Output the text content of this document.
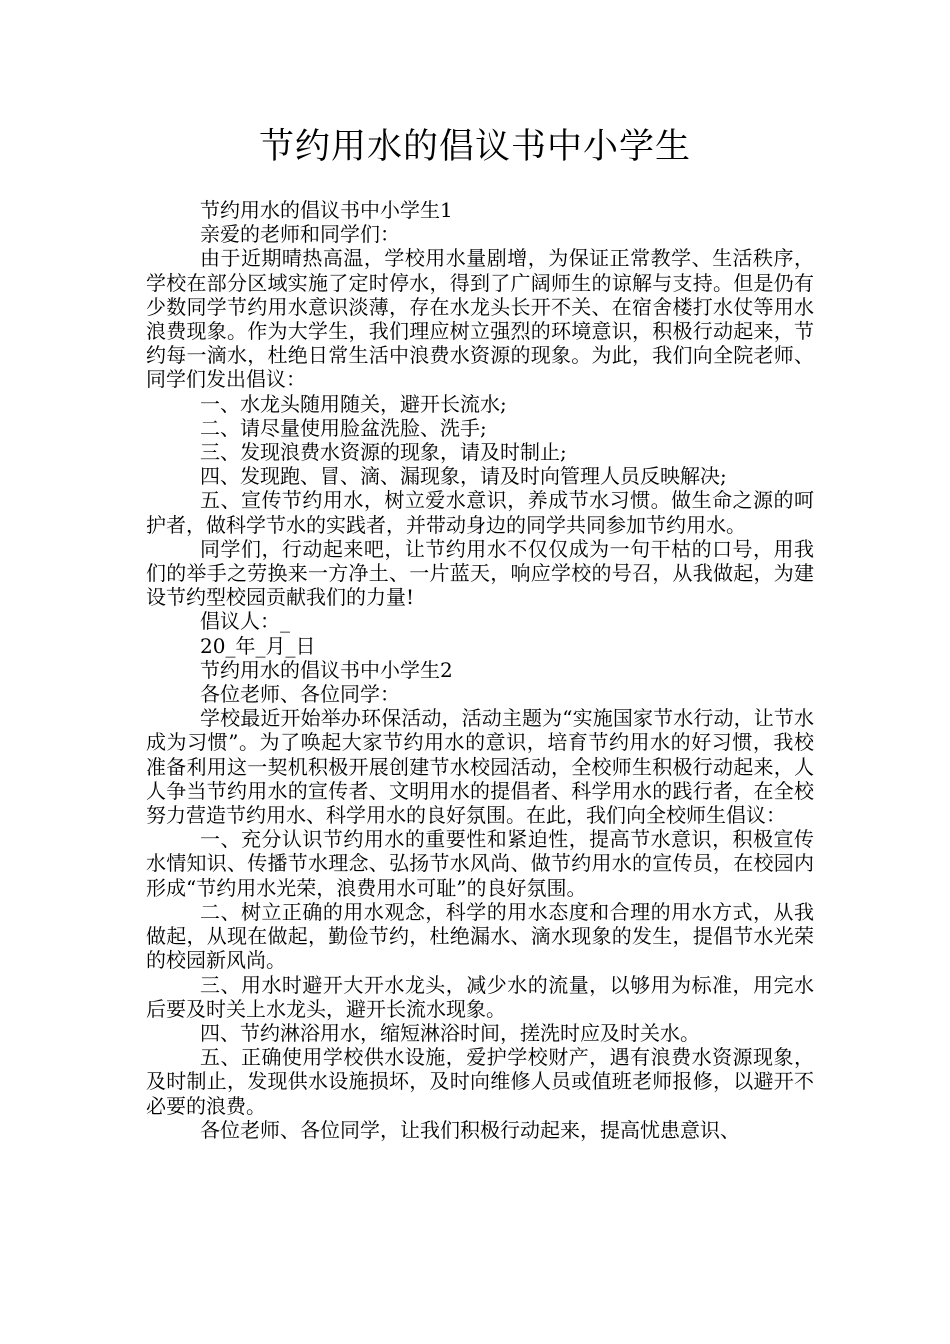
节约用水的倡议书中小学生

节约用水的倡议书中小学生1

亲爱的老师和同学们：

由于近期晴热高温，学校用水量剧增，为保证正常教学、生活秩序，学校在部分区域实施了定时停水，得到了广阔师生的谅解与支持。但是仍有少数同学节约用水意识淡薄，存在水龙头长开不关、在宿舍楼打水仗等用水浪费现象。作为大学生，我们理应树立强烈的环境意识，积极行动起来，节约每一滴水，杜绝日常生活中浪费水资源的现象。为此，我们向全院老师、同学们发出倡议：

一、水龙头随用随关，避开长流水;

二、请尽量使用脸盆洗脸、洗手;

三、发现浪费水资源的现象，请及时制止;

四、发现跑、冒、滴、漏现象，请及时向管理人员反映解决;

五、宣传节约用水，树立爱水意识，养成节水习惯。做生命之源的呵护者，做科学节水的实践者，并带动身边的同学共同参加节约用水。

同学们，行动起来吧，让节约用水不仅仅成为一句干枯的口号，用我们的举手之劳换来一方净土、一片蓝天，响应学校的号召，从我做起，为建设节约型校园贡献我们的力量!

倡议人：_

20_年_月_日

节约用水的倡议书中小学生2

各位老师、各位同学：

学校最近开始举办环保活动，活动主题为“实施国家节水行动，让节水成为习惯”。为了唤起大家节约用水的意识，培育节约用水的好习惯，我校准备利用这一契机积极开展创建节水校园活动，全校师生积极行动起来，人人争当节约用水的宣传者、文明用水的提倡者、科学用水的践行者，在全校努力营造节约用水、科学用水的良好氛围。在此，我们向全校师生倡议：

一、充分认识节约用水的重要性和紧迫性，提高节水意识，积极宣传水情知识、传播节水理念、弘扬节水风尚、做节约用水的宣传员，在校园内形成“节约用水光荣，浪费用水可耻”的良好氛围。

二、树立正确的用水观念，科学的用水态度和合理的用水方式，从我做起，从现在做起，勤俭节约，杜绝漏水、滴水现象的发生，提倡节水光荣的校园新风尚。

三、用水时避开大开水龙头，减少水的流量，以够用为标准，用完水后要及时关上水龙头，避开长流水现象。

四、节约淋浴用水，缩短淋浴时间，搓洗时应及时关水。

五、正确使用学校供水设施，爱护学校财产，遇有浪费水资源现象，及时制止，发现供水设施损坏，及时向维修人员或值班老师报修，以避开不必要的浪费。

各位老师、各位同学，让我们积极行动起来，提高忧患意识、
